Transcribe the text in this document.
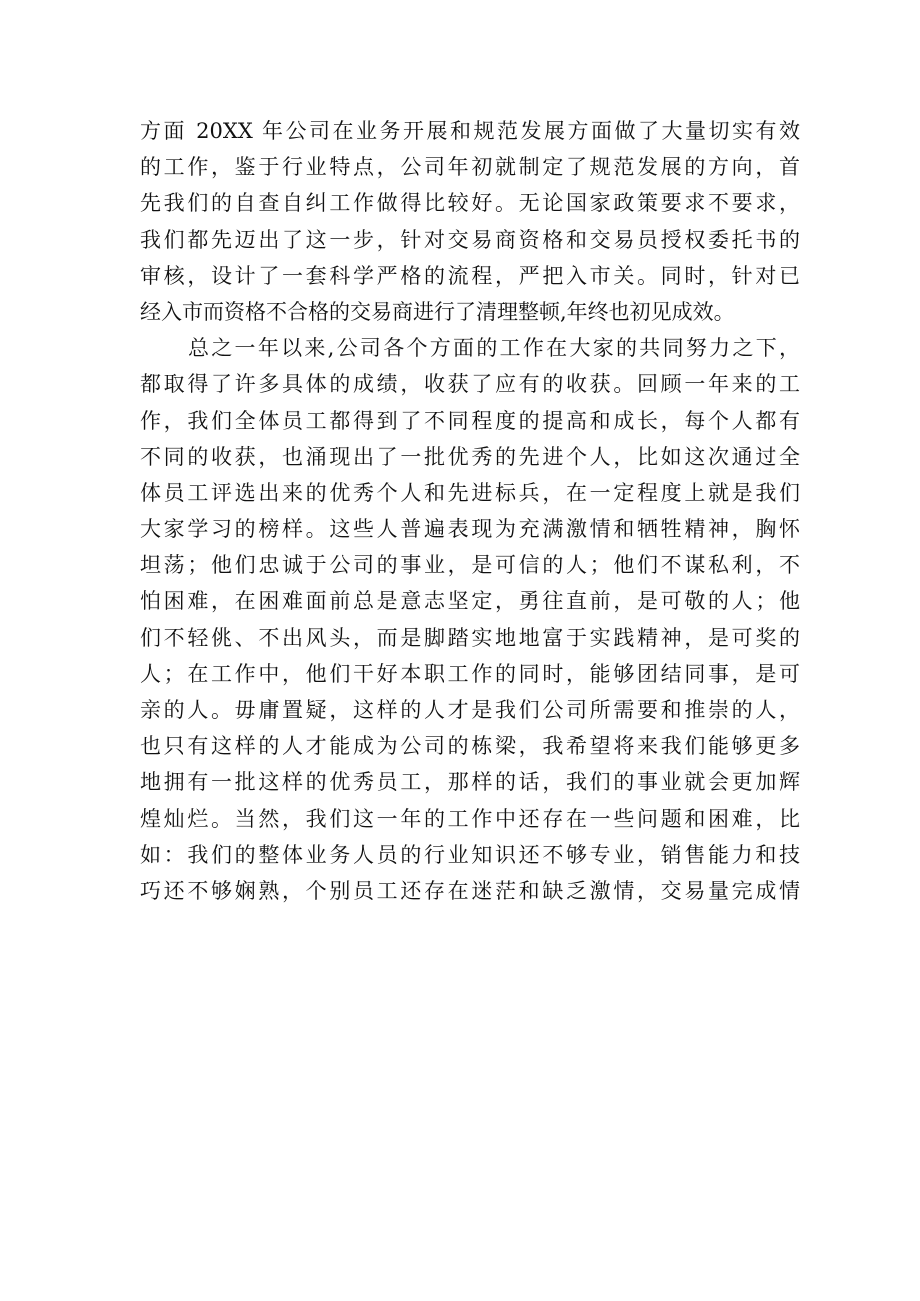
方面 20XX 年公司在业务开展和规范发展方面做了大量切实有效
的工作，鉴于行业特点，公司年初就制定了规范发展的方向，首
先我们的自查自纠工作做得比较好。无论国家政策要求不要求，
我们都先迈出了这一步，针对交易商资格和交易员授权委托书的
审核，设计了一套科学严格的流程，严把入市关。同时，针对已
经入市而资格不合格的交易商进行了清理整顿,年终也初见成效。
总之一年以来,公司各个方面的工作在大家的共同努力之下，
都取得了许多具体的成绩，收获了应有的收获。回顾一年来的工
作，我们全体员工都得到了不同程度的提高和成长，每个人都有
不同的收获，也涌现出了一批优秀的先进个人，比如这次通过全
体员工评选出来的优秀个人和先进标兵，在一定程度上就是我们
大家学习的榜样。这些人普遍表现为充满激情和牺牲精神，胸怀
坦荡；他们忠诚于公司的事业，是可信的人；他们不谋私利，不
怕困难，在困难面前总是意志坚定，勇往直前，是可敬的人；他
们不轻佻、不出风头，而是脚踏实地地富于实践精神，是可奖的
人；在工作中，他们干好本职工作的同时，能够团结同事，是可
亲的人。毋庸置疑，这样的人才是我们公司所需要和推崇的人，
也只有这样的人才能成为公司的栋梁，我希望将来我们能够更多
地拥有一批这样的优秀员工，那样的话，我们的事业就会更加辉
煌灿烂。当然，我们这一年的工作中还存在一些问题和困难，比
如：我们的整体业务人员的行业知识还不够专业，销售能力和技
巧还不够娴熟，个别员工还存在迷茫和缺乏激情，交易量完成情
